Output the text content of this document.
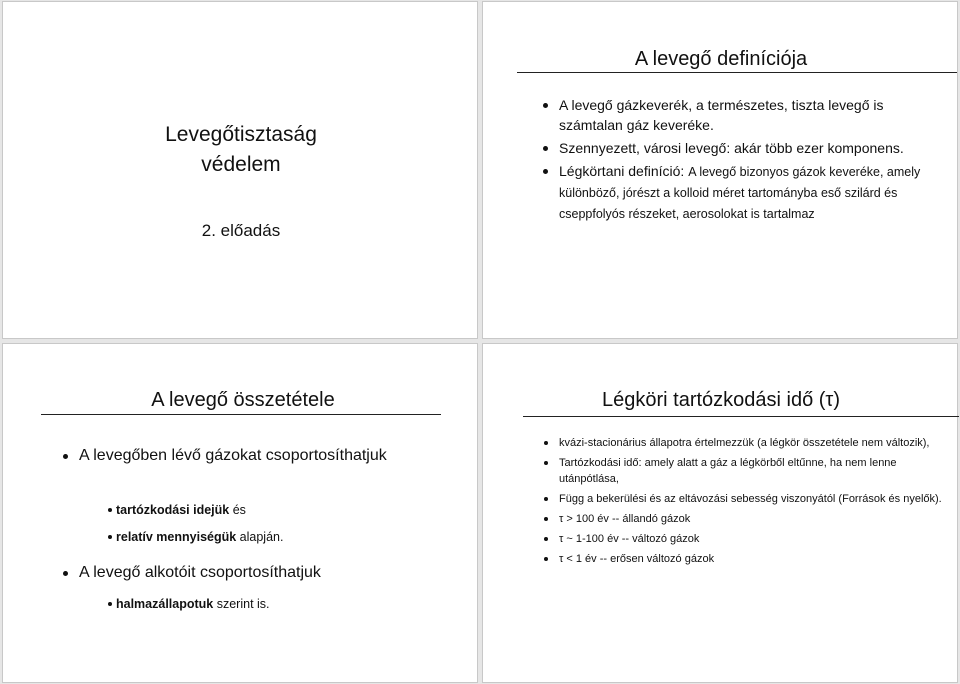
Levegőtisztaság
védelem
2. előadás
A levegő definíciója
A levegő gázkeverék, a természetes, tiszta levegő is számtalan gáz keveréke.
Szennyezett, városi levegő: akár több ezer komponens.
Légkörtani definíció: A levegő bizonyos gázok keveréke, amely különböző, jórészt a kolloid méret tartományba eső szilárd és cseppfolyós részeket, aerosolokat is tartalmaz
A levegő összetétele
A levegőben lévő gázokat csoportosíthatjuk
tartózkodási idejük és
relatív mennyiségük alapján.
A levegő alkotóit csoportosíthatjuk
halmazállapotuk szerint is.
Légköri tartózkodási idő (τ)
kvázi-stacionárius állapotra értelmezzük (a légkör összetétele nem változik),
Tartózkodási idő: amely alatt a gáz a légkörből eltűnne, ha nem lenne utánpótlása,
Függ a bekerülési és az eltávozási sebesség viszonyától (Források és nyelők).
τ > 100 év -- állandó gázok
τ ~ 1-100 év -- változó gázok
τ < 1 év -- erősen változó gázok
